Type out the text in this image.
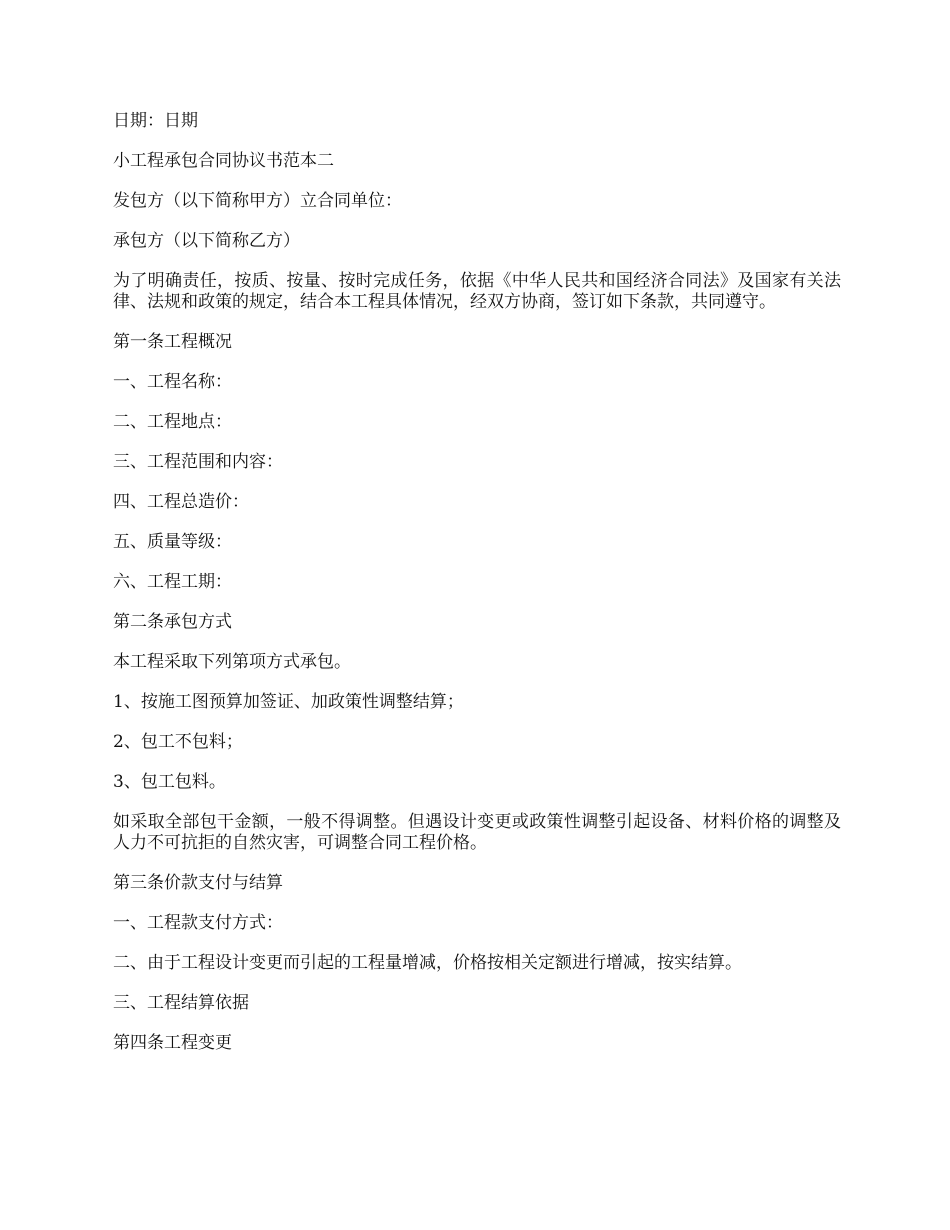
日期：日期

小工程承包合同协议书范本二

发包方（以下简称甲方）立合同单位：

承包方（以下简称乙方）

为了明确责任，按质、按量、按时完成任务，依据《中华人民共和国经济合同法》及国家有关法律、法规和政策的规定，结合本工程具体情况，经双方协商，签订如下条款，共同遵守。

第一条工程概况

一、工程名称：

二、工程地点：

三、工程范围和内容：

四、工程总造价：

五、质量等级：

六、工程工期：

第二条承包方式

本工程采取下列第项方式承包。

1、按施工图预算加签证、加政策性调整结算；

2、包工不包料；

3、包工包料。

如采取全部包干金额，一般不得调整。但遇设计变更或政策性调整引起设备、材料价格的调整及人力不可抗拒的自然灾害，可调整合同工程价格。

第三条价款支付与结算

一、工程款支付方式：

二、由于工程设计变更而引起的工程量增减，价格按相关定额进行增减，按实结算。

三、工程结算依据

第四条工程变更
